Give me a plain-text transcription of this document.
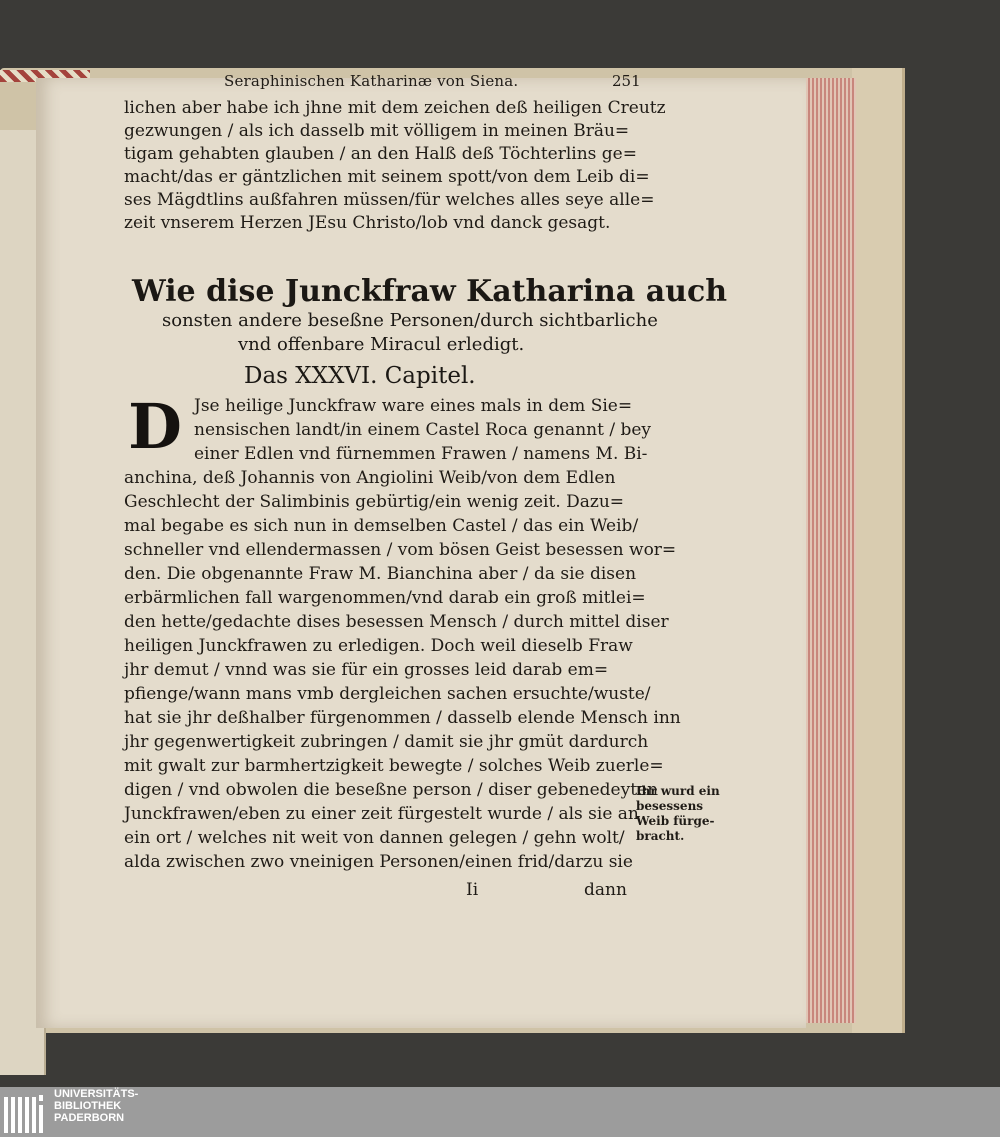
Seraphinischen Katharinæ von Siena.	251
lichen aber habe ich jhne mit dem zeichen deß heiligen Creutz
gezwungen / als ich dasselb mit völligem in meinen Bräu=
tigam gehabten glauben / an den Halß deß Töchterlins ge=
macht/das er gäntzlichen mit seinem spott/von dem Leib di=
ses Mägdtlins außfahren müssen/für welches alles seye alle=
zeit vnserem Herzen JEsu Christo/lob vnd danck gesagt.
Wie dise Junckfraw Katharina auch
sonsten andere beseßne Personen/durch sichtbarliche
vnd offenbare Miracul erledigt.
Das XXXVI. Capitel.
D Jse heilige Junckfraw ware eines mals in dem Sie=
nensischen landt/in einem Castel Roca genannt / bey
einer Edlen vnd fürnemmen Frawen / namens M. Bi-
anchina, deß Johannis von Angiolini Weib/von dem Edlen
Geschlecht der Salimbinis gebürtig/ein wenig zeit. Dazu=
mal begabe es sich nun in demselben Castel / das ein Weib/
schneller vnd ellendermassen / vom bösen Geist besessen wor=
den. Die obgenannte Fraw M. Bianchina aber / da sie disen
erbärmlichen fall wargenommen/vnd darab ein groß mitlei=
den hette/gedachte dises besessen Mensch / durch mittel diser
heiligen Junckfrawen zu erledigen. Doch weil dieselb Fraw
jhr demut / vnnd was sie für ein grosses leid darab em=
pfienge/wann mans vmb dergleichen sachen ersuchte/wuste/
hat sie jhr deßhalber fürgenommen / dasselb elende Mensch inn
jhr gegenwertigkeit zubringen / damit sie jhr gmüt dardurch
mit gwalt zur barmhertzigkeit bewegte / solches Weib zuerle=
digen / vnd obwolen die beseßne person / diser gebenedeyten
Junckfrawen/eben zu einer zeit fürgestelt wurde / als sie an
ein ort / welches nit weit von dannen gelegen / gehn wolt/
alda zwischen zwo vneinigen Personen/einen frid/darzu sie
Ihr wurd ein
besessens
Weib fürge-
bracht.
Ii	dann
UNIVERSITÄTS-
BIBLIOTHEK
PADERBORN
